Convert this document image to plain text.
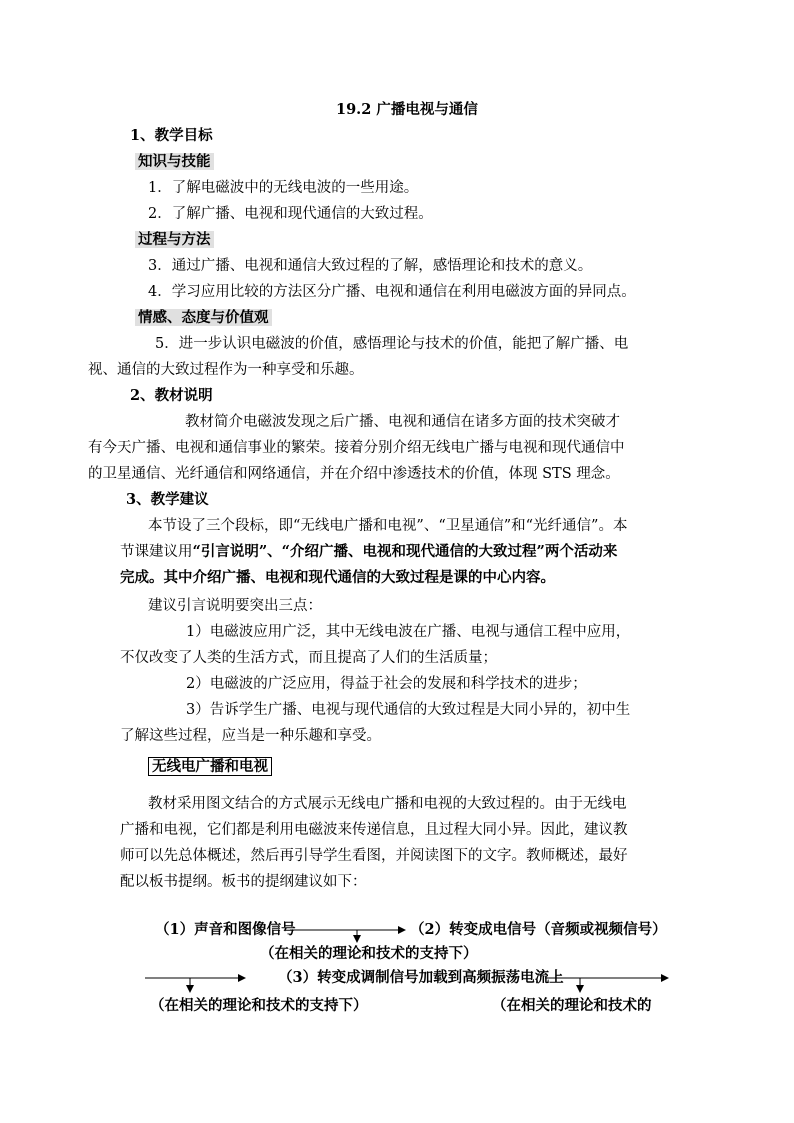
19.2 广播电视与通信
1、教学目标
知识与技能
1．了解电磁波中的无线电波的一些用途。
2．了解广播、电视和现代通信的大致过程。
过程与方法
3．通过广播、电视和通信大致过程的了解，感悟理论和技术的意义。
4．学习应用比较的方法区分广播、电视和通信在利用电磁波方面的异同点。
情感、态度与价值观
5．进一步认识电磁波的价值，感悟理论与技术的价值，能把了解广播、电
视、通信的大致过程作为一种享受和乐趣。
2、教材说明
教材简介电磁波发现之后广播、电视和通信在诸多方面的技术突破才
有今天广播、电视和通信事业的繁荣。接着分别介绍无线电广播与电视和现代通信中
的卫星通信、光纤通信和网络通信，并在介绍中渗透技术的价值，体现 STS 理念。
3、教学建议
本节设了三个段标，即“无线电广播和电视”、“卫星通信”和“光纤通信”。本
节课建议用“引言说明”、“介绍广播、电视和现代通信的大致过程”两个活动来
完成。其中介绍广播、电视和现代通信的大致过程是课的中心内容。
建议引言说明要突出三点：
1）电磁波应用广泛，其中无线电波在广播、电视与通信工程中应用，
不仅改变了人类的生活方式，而且提高了人们的生活质量；
2）电磁波的广泛应用，得益于社会的发展和科学技术的进步；
3）告诉学生广播、电视与现代通信的大致过程是大同小异的，初中生
了解这些过程，应当是一种乐趣和享受。
无线电广播和电视
教材采用图文结合的方式展示无线电广播和电视的大致过程的。由于无线电
广播和电视，它们都是利用电磁波来传递信息，且过程大同小异。因此，建议教
师可以先总体概述，然后再引导学生看图，并阅读图下的文字。教师概述，最好
配以板书提纲。板书的提纲建议如下：
（1）声音和图像信号	（2）转变成电信号（音频或视频信号）
（在相关的理论和技术的支持下）
（3）转变成调制信号加载到高频振荡电流上
（在相关的理论和技术的支持下）	（在相关的理论和技术的
